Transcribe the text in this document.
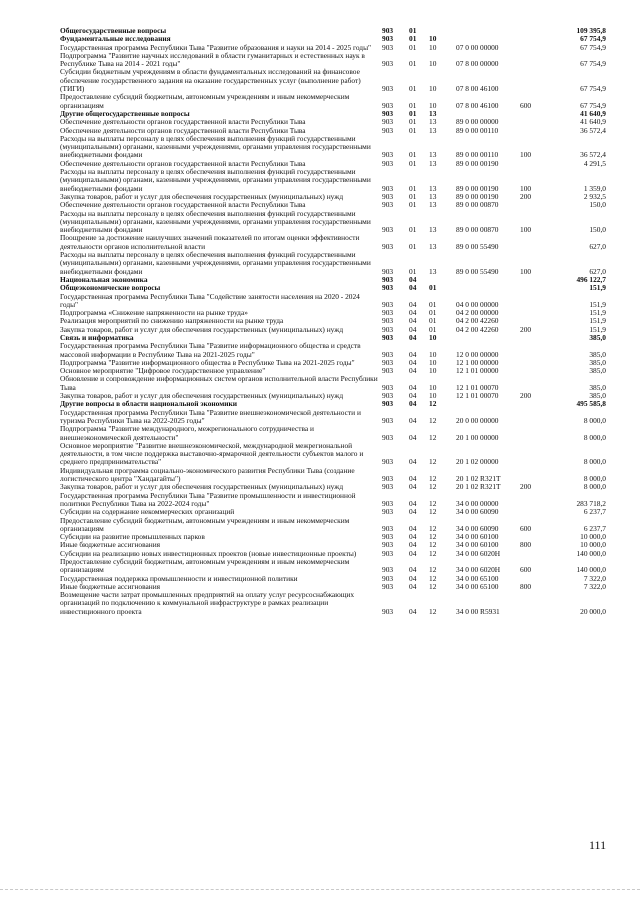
Общегосударственные вопросы	903	01				109 395,8
Фундаментальные исследования	903	01	10			67 754,9
Государственная программа Республики Тыва "Развитие образования и науки на 2014 - 2025 годы"	903	01	10	07 0 00 00000		67 754,9
Подпрограмма "Развитие научных исследований в области гуманитарных и естественных наук в Республике Тыва на 2014 - 2021 годы"	903	01	10	07 8 00 00000		67 754,9
Субсидии бюджетным учреждениям в области фундаментальных исследований на финансовое обеспечение государственного задания на оказание государственных услуг (выполнение работ) (ТИГИ)	903	01	10	07 8 00 46100		67 754,9
Предоставление субсидий бюджетным, автономным учреждениям и иным некоммерческим организациям	903	01	10	07 8 00 46100	600	67 754,9
Другие общегосударственные вопросы	903	01	13			41 640,9
Обеспечение деятельности органов государственной власти Республики Тыва	903	01	13	89 0 00 00000		41 640,9
Обеспечение деятельности органов государственной власти Республики Тыва	903	01	13	89 0 00 00110		36 572,4
Расходы на выплаты персоналу в целях обеспечения выполнения функций государственными (муниципальными) органами, казенными учреждениями, органами управления государственными внебюджетными фондами	903	01	13	89 0 00 00110	100	36 572,4
Обеспечение деятельности органов государственной власти Республики Тыва	903	01	13	89 0 00 00190		4 291,5
Расходы на выплаты персоналу в целях обеспечения выполнения функций государственными (муниципальными) органами, казенными учреждениями, органами управления государственными внебюджетными фондами	903	01	13	89 0 00 00190	100	1 359,0
Закупка товаров, работ и услуг для обеспечения государственных (муниципальных) нужд	903	01	13	89 0 00 00190	200	2 932,5
Обеспечение деятельности органов государственной власти Республики Тыва	903	01	13	89 0 00 00870		150,0
Расходы на выплаты персоналу в целях обеспечения выполнения функций государственными (муниципальными) органами, казенными учреждениями, органами управления государственными внебюджетными фондами	903	01	13	89 0 00 00870	100	150,0
Поощрение за достижение наилучших значений показателей по итогам оценки эффективности деятельности органов исполнительной власти	903	01	13	89 0 00 55490		627,0
Расходы на выплаты персоналу в целях обеспечения выполнения функций государственными (муниципальными) органами, казенными учреждениями, органами управления государственными внебюджетными фондами	903	01	13	89 0 00 55490	100	627,0
Национальная экономика	903	04				496 122,7
Общеэкономические вопросы	903	04	01			151,9
Государственная программа Республики Тыва "Содействие занятости населения на 2020 - 2024 годы"	903	04	01	04 0 00 00000		151,9
Подпрограмма «Снижение напряженности на рынке труда»	903	04	01	04 2 00 00000		151,9
Реализация мероприятий по снижению напряженности на рынке труда	903	04	01	04 2 00 42260		151,9
Закупка товаров, работ и услуг для обеспечения государственных (муниципальных) нужд	903	04	01	04 2 00 42260	200	151,9
Связь и информатика	903	04	10			385,0
Государственная программа Республики Тыва "Развитие информационного общества и средств массовой информации в Республике Тыва на 2021-2025 годы"	903	04	10	12 0 00 00000		385,0
Подпрограмма "Развитие информационного общества в Республике Тыва на 2021-2025 годы"	903	04	10	12 1 00 00000		385,0
Основное мероприятие "Цифровое государственное управление"	903	04	10	12 1 01 00000		385,0
Обновление и сопровождение информационных систем органов исполнительной власти Республики Тыва	903	04	10	12 1 01 00070		385,0
Закупка товаров, работ и услуг для обеспечения государственных (муниципальных) нужд	903	04	10	12 1 01 00070	200	385,0
Другие вопросы в области национальной экономики	903	04	12			495 585,8
Государственная программа Республики Тыва "Развитие внешнеэкономической деятельности и туризма Республики Тыва на 2022-2025 годы"	903	04	12	20 0 00 00000		8 000,0
Подпрограмма "Развитие международного, межрегионального сотрудничества и внешнеэкономической деятельности"	903	04	12	20 1 00 00000		8 000,0
Основное мероприятие "Развитие внешнеэкономической, международной межрегиональной деятельности, в том числе поддержка выставочно-ярмарочной деятельности субъектов малого и среднего предпринимательства"	903	04	12	20 1 02 00000		8 000,0
Индивидуальная программа социально-экономического развития Республики Тыва (создание логистического центра "Хандагайты")	903	04	12	20 1 02 R321T		8 000,0
Закупка товаров, работ и услуг для обеспечения государственных (муниципальных) нужд	903	04	12	20 1 02 R321T	200	8 000,0
Государственная программа Республики Тыва "Развитие промышленности и инвестиционной политики Республики Тыва на 2022-2024 годы"	903	04	12	34 0 00 00000		283 718,2
Субсидии на содержание некоммерческих организаций	903	04	12	34 0 00 60090		6 237,7
Предоставление субсидий бюджетным, автономным учреждениям и иным некоммерческим организациям	903	04	12	34 0 00 60090	600	6 237,7
Субсидии на развитие промышленных парков	903	04	12	34 0 00 60100		10 000,0
Иные бюджетные ассигнования	903	04	12	34 0 00 60100	800	10 000,0
Субсидии на реализацию новых инвестиционных проектов (новые инвестиционные проекты)	903	04	12	34 0 00 6020H		140 000,0
Предоставление субсидий бюджетным, автономным учреждениям и иным некоммерческим организациям	903	04	12	34 0 00 6020H	600	140 000,0
Государственная поддержка промышленности и инвестиционной политики	903	04	12	34 0 00 65100		7 322,0
Иные бюджетные ассигнования	903	04	12	34 0 00 65100	800	7 322,0
Возмещение части затрат промышленных предприятий на оплату услуг ресурсоснабжающих организаций по подключению к коммунальной инфраструктуре в рамках реализации инвестиционного проекта	903	04	12	34 0 00 R5931		20 000,0
111
